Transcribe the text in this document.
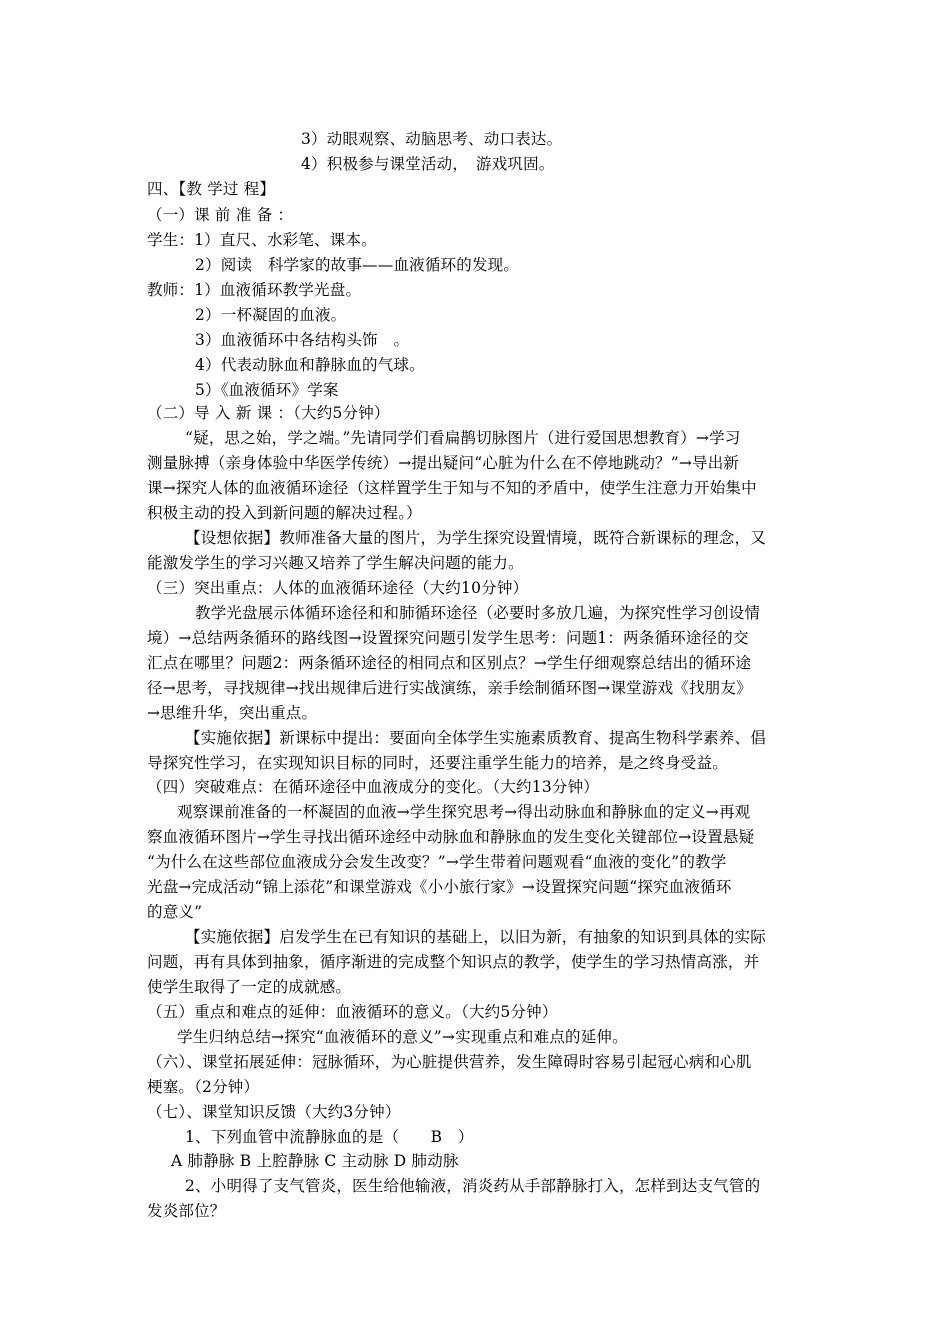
3）动眼观察、动脑思考、动口表达。
4）积极参与课堂活动，　游戏巩固。
四、【教 学过 程】
（一）课 前 准 备 ：
学生：1）直尺、水彩笔、课本。
2）阅读　科学家的故事——血液循环的发现。
教师：1）血液循环教学光盘。
2）一杯凝固的血液。
3）血液循环中各结构头饰　。
4）代表动脉血和静脉血的气球。
5）《血液循环》学案
（二）导 入 新 课 ：（大约5分钟）
“疑，思之始，学之端。”先请同学们看扁鹊切脉图片（进行爱国思想教育）→学习
测量脉搏（亲身体验中华医学传统）→提出疑问“心脏为什么在不停地跳动？”→导出新
课→探究人体的血液循环途径（这样置学生于知与不知的矛盾中，使学生注意力开始集中
积极主动的投入到新问题的解决过程。）
【设想依据】教师准备大量的图片，为学生探究设置情境，既符合新课标的理念，又
能激发学生的学习兴趣又培养了学生解决问题的能力。
（三）突出重点：人体的血液循环途径（大约10分钟）
教学光盘展示体循环途径和和肺循环途径（必要时多放几遍，为探究性学习创设情
境）→总结两条循环的路线图→设置探究问题引发学生思考：问题1：两条循环途径的交
汇点在哪里？问题2：两条循环途径的相同点和区别点？→学生仔细观察总结出的循环途
径→思考，寻找规律→找出规律后进行实战演练，亲手绘制循环图→课堂游戏《找朋友》
→思维升华，突出重点。
【实施依据】新课标中提出：要面向全体学生实施素质教育、提高生物科学素养、倡
导探究性学习，在实现知识目标的同时，还要注重学生能力的培养，是之终身受益。
（四）突破难点：在循环途径中血液成分的变化。（大约13分钟）
观察课前准备的一杯凝固的血液→学生探究思考→得出动脉血和静脉血的定义→再观
察血液循环图片→学生寻找出循环途经中动脉血和静脉血的发生变化关键部位→设置悬疑
“为什么在这些部位血液成分会发生改变？”→学生带着问题观看“血液的变化”的教学
光盘→完成活动“锦上添花”和课堂游戏《小小旅行家》→设置探究问题“探究血液循环
的意义”
【实施依据】启发学生在已有知识的基础上，以旧为新，有抽象的知识到具体的实际
问题，再有具体到抽象，循序渐进的完成整个知识点的教学，使学生的学习热情高涨，并
使学生取得了一定的成就感。
（五）重点和难点的延伸：血液循环的意义。（大约5分钟）
学生归纳总结→探究“血液循环的意义”→实现重点和难点的延伸。
（六）、课堂拓展延伸：冠脉循环，为心脏提供营养，发生障碍时容易引起冠心病和心肌
梗塞。（2分钟）
（七）、课堂知识反馈（大约3分钟）
1、下列血管中流静脉血的是（　　B　）
A 肺静脉 B 上腔静脉 C 主动脉 D 肺动脉
2、小明得了支气管炎，医生给他输液，消炎药从手部静脉打入，怎样到达支气管的
发炎部位？
